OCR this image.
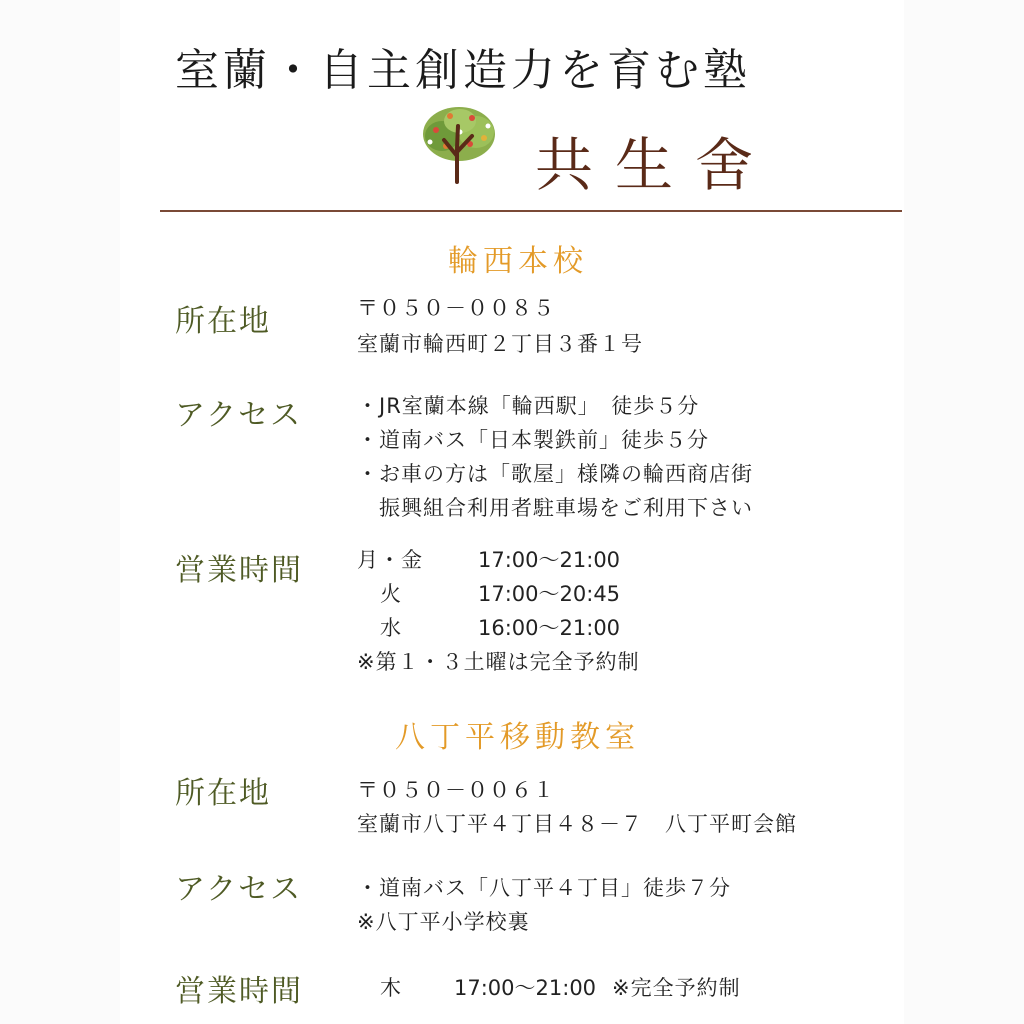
室蘭・自主創造力を育む塾
共生舍
輪西本校
所在地	〒０５０－００８５
室蘭市輪西町２丁目３番１号
アクセス	・JR室蘭本線「輪西駅」　徒歩５分
・道南バス「日本製鉄前」徒歩５分
・お車の方は「歌屋」様隣の輪西商店街
　振興組合利用者駐車場をご利用下さい
営業時間	月・金	17:00～21:00
火	17:00～20:45
水	16:00～21:00
※第１・３土曜は完全予約制
八丁平移動教室
所在地	〒０５０－００６１
室蘭市八丁平４丁目４８－７　八丁平町会館
アクセス	・道南バス「八丁平４丁目」徒歩７分
※八丁平小学校裏
営業時間	木 17:00～21:00 ※完全予約制
